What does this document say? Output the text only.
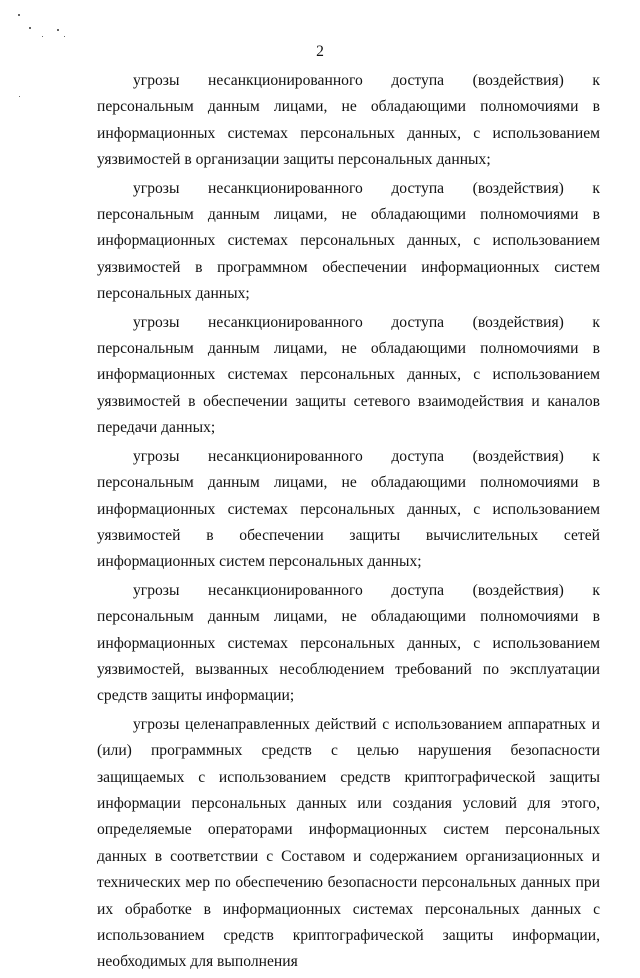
2

угрозы несанкционированного доступа (воздействия) к персональным данным лицами, не обладающими полномочиями в информационных системах персональных данных, с использованием уязвимостей в организации защиты персональных данных;

угрозы несанкционированного доступа (воздействия) к персональным данным лицами, не обладающими полномочиями в информационных системах персональных данных, с использованием уязвимостей в программном обеспечении информационных систем персональных данных;

угрозы несанкционированного доступа (воздействия) к персональным данным лицами, не обладающими полномочиями в информационных системах персональных данных, с использованием уязвимостей в обеспечении защиты сетевого взаимодействия и каналов передачи данных;

угрозы несанкционированного доступа (воздействия) к персональным данным лицами, не обладающими полномочиями в информационных системах персональных данных, с использованием уязвимостей в обеспечении защиты вычислительных сетей информационных систем персональных данных;

угрозы несанкционированного доступа (воздействия) к персональным данным лицами, не обладающими полномочиями в информационных системах персональных данных, с использованием уязвимостей, вызванных несоблюдением требований по эксплуатации средств защиты информации;

угрозы целенаправленных действий с использованием аппаратных и (или) программных средств с целью нарушения безопасности защищаемых с использованием средств криптографической защиты информации персональных данных или создания условий для этого, определяемые операторами информационных систем персональных данных в соответствии с Составом и содержанием организационных и технических мер по обеспечению безопасности персональных данных при их обработке в информационных системах персональных данных с использованием средств криптографической защиты информации, необходимых для выполнения
